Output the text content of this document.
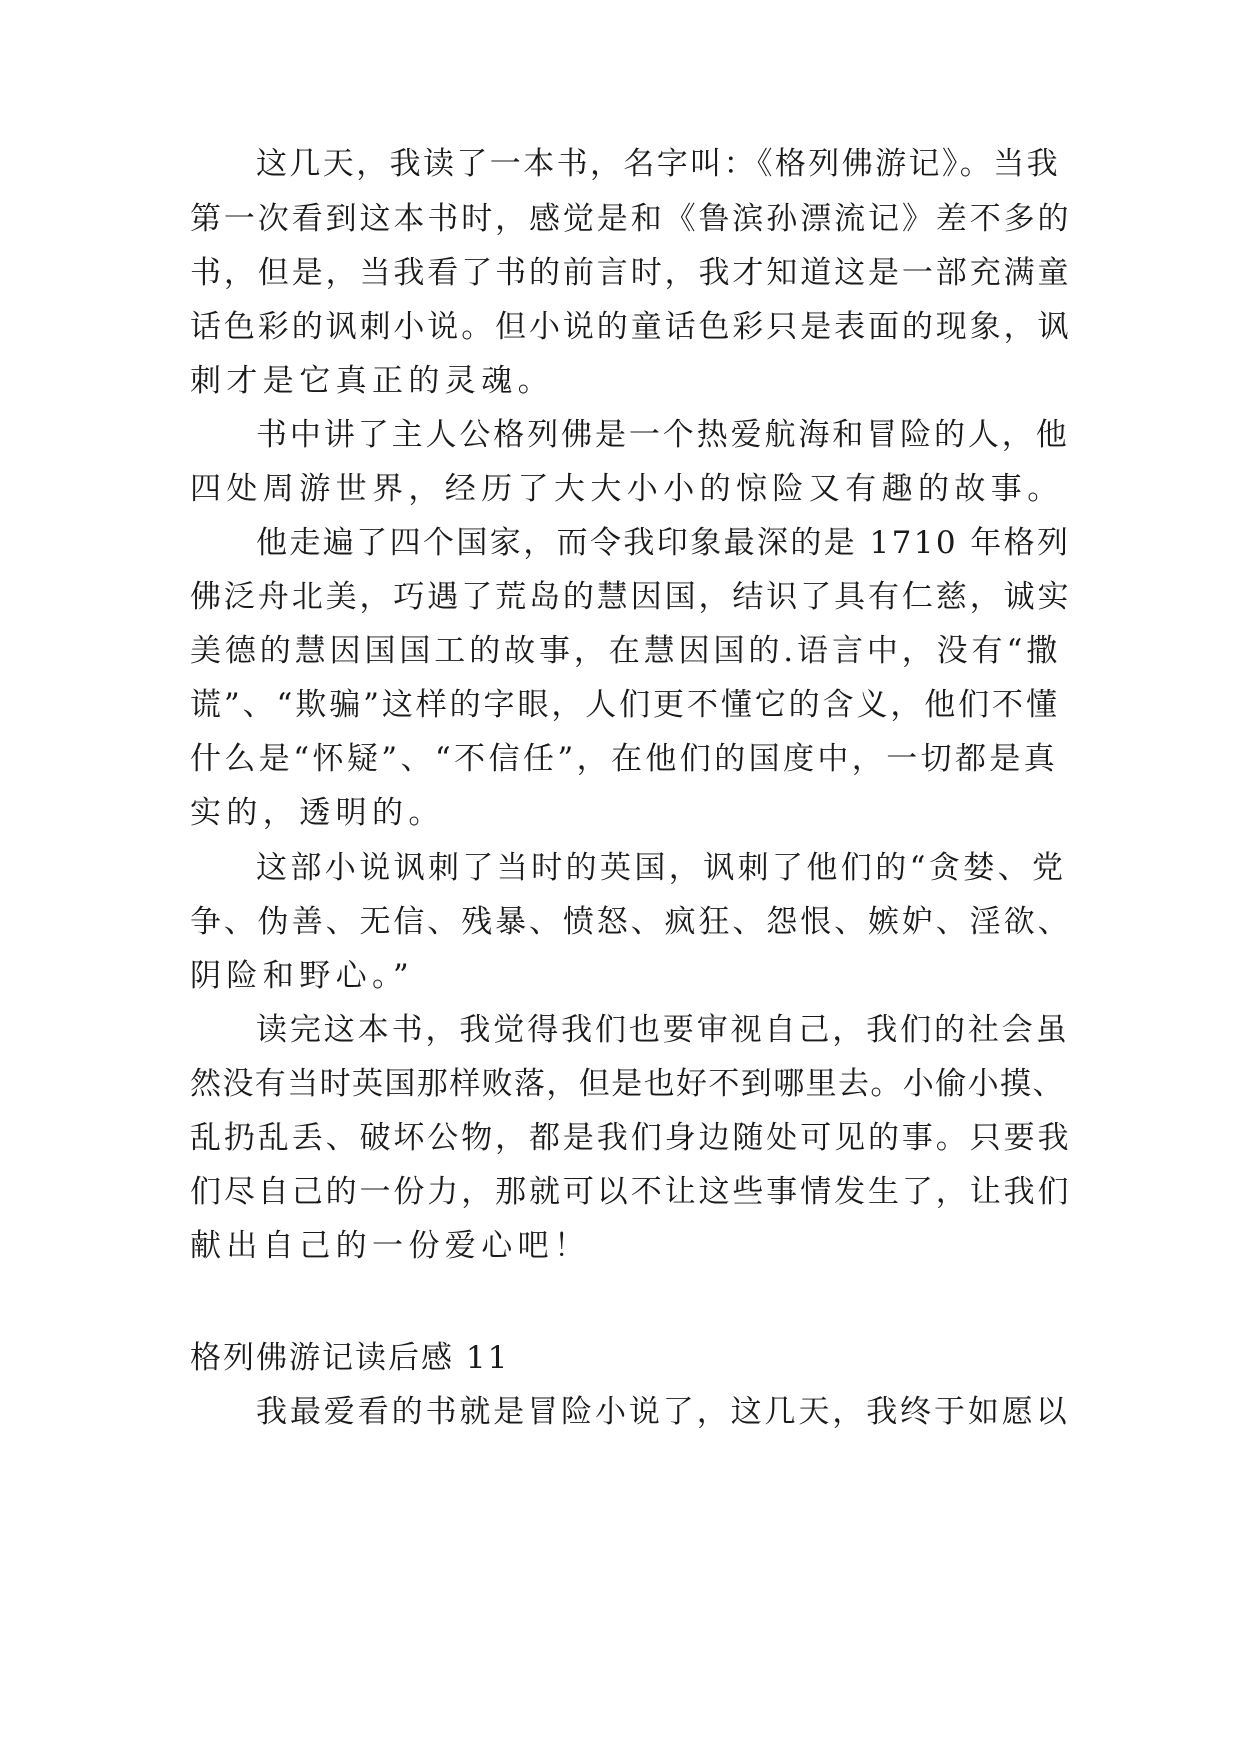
这几天，我读了一本书，名字叫：《格列佛游记》。当我
第一次看到这本书时，感觉是和《鲁滨孙漂流记》差不多的
书，但是，当我看了书的前言时，我才知道这是一部充满童
话色彩的讽刺小说。但小说的童话色彩只是表面的现象，讽
刺才是它真正的灵魂。
书中讲了主人公格列佛是一个热爱航海和冒险的人，他
四处周游世界，经历了大大小小的惊险又有趣的故事。
他走遍了四个国家，而令我印象最深的是 1710 年格列
佛泛舟北美，巧遇了荒岛的慧因国，结识了具有仁慈，诚实
美德的慧因国国工的故事，在慧因国的.语言中，没有“撒
谎”、“欺骗”这样的字眼，人们更不懂它的含义，他们不懂
什么是“怀疑”、“不信任”，在他们的国度中，一切都是真
实的，透明的。
这部小说讽刺了当时的英国，讽刺了他们的“贪婪、党
争、伪善、无信、残暴、愤怒、疯狂、怨恨、嫉妒、淫欲、
阴险和野心。”
读完这本书，我觉得我们也要审视自己，我们的社会虽
然没有当时英国那样败落，但是也好不到哪里去。小偷小摸、
乱扔乱丢、破坏公物，都是我们身边随处可见的事。只要我
们尽自己的一份力，那就可以不让这些事情发生了，让我们
献出自己的一份爱心吧！
格列佛游记读后感 11
我最爱看的书就是冒险小说了，这几天，我终于如愿以
